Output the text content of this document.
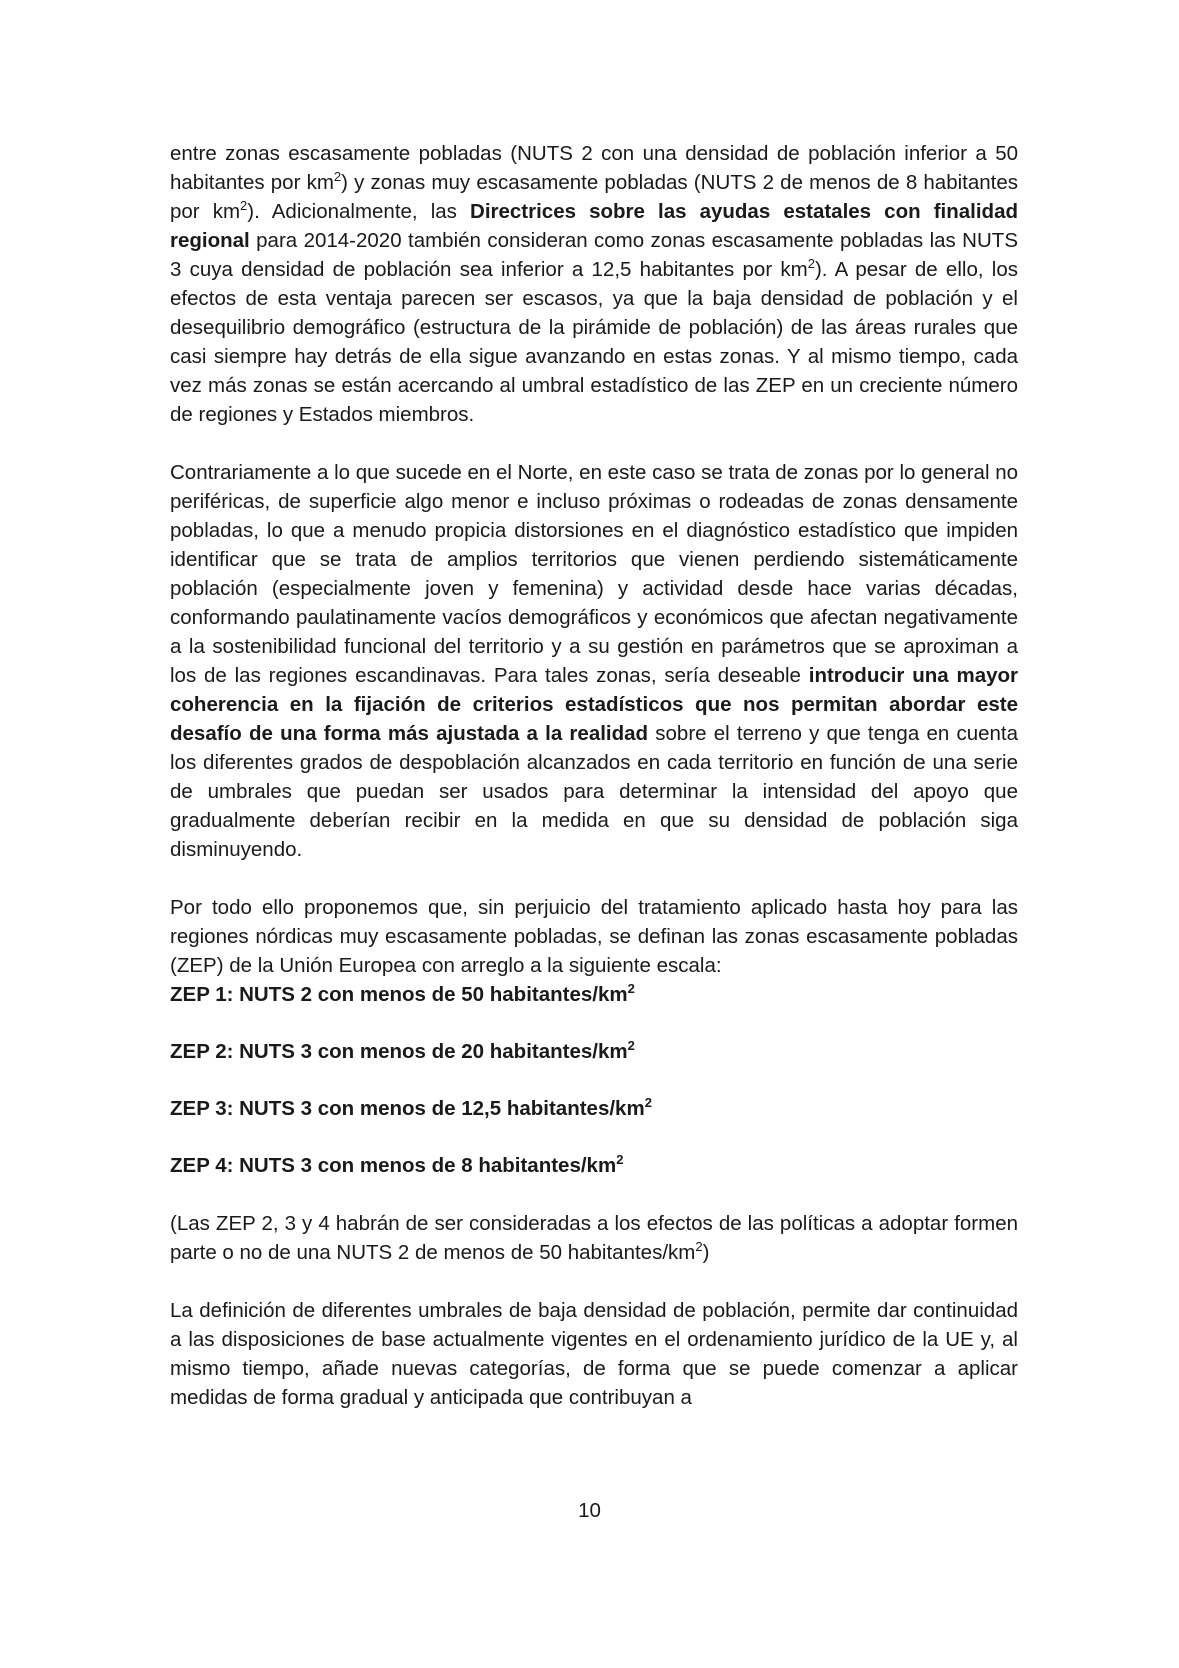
entre zonas escasamente pobladas (NUTS 2 con una densidad de población inferior a 50 habitantes por $km^2$) y zonas muy escasamente pobladas (NUTS 2 de menos de 8 habitantes por $km^2$). Adicionalmente, las Directrices sobre las ayudas estatales con finalidad regional para 2014-2020 también consideran como zonas escasamente pobladas las NUTS 3 cuya densidad de población sea inferior a 12,5 habitantes por $km^2$). A pesar de ello, los efectos de esta ventaja parecen ser escasos, ya que la baja densidad de población y el desequilibrio demográfico (estructura de la pirámide de población) de las áreas rurales que casi siempre hay detrás de ella sigue avanzando en estas zonas. Y al mismo tiempo, cada vez más zonas se están acercando al umbral estadístico de las ZEP en un creciente número de regiones y Estados miembros.

Contrariamente a lo que sucede en el Norte, en este caso se trata de zonas por lo general no periféricas, de superficie algo menor e incluso próximas o rodeadas de zonas densamente pobladas, lo que a menudo propicia distorsiones en el diagnóstico estadístico que impiden identificar que se trata de amplios territorios que vienen perdiendo sistemáticamente población (especialmente joven y femenina) y actividad desde hace varias décadas, conformando paulatinamente vacíos demográficos y económicos que afectan negativamente a la sostenibilidad funcional del territorio y a su gestión en parámetros que se aproximan a los de las regiones escandinavas. Para tales zonas, sería deseable introducir una mayor coherencia en la fijación de criterios estadísticos que nos permitan abordar este desafío de una forma más ajustada a la realidad sobre el terreno y que tenga en cuenta los diferentes grados de despoblación alcanzados en cada territorio en función de una serie de umbrales que puedan ser usados para determinar la intensidad del apoyo que gradualmente deberían recibir en la medida en que su densidad de población siga disminuyendo.

Por todo ello proponemos que, sin perjuicio del tratamiento aplicado hasta hoy para las regiones nórdicas muy escasamente pobladas, se definan las zonas escasamente pobladas (ZEP) de la Unión Europea con arreglo a la siguiente escala:

ZEP 1: NUTS 2 con menos de 50 habitantes/$km^2$

ZEP 2: NUTS 3 con menos de 20 habitantes/$km^2$

ZEP 3: NUTS 3 con menos de 12,5 habitantes/$km^2$

ZEP 4: NUTS 3 con menos de 8 habitantes/$km^2$

(Las ZEP 2, 3 y 4 habrán de ser consideradas a los efectos de las políticas a adoptar formen parte o no de una NUTS 2 de menos de 50 habitantes/$km^2$)

La definición de diferentes umbrales de baja densidad de población, permite dar continuidad a las disposiciones de base actualmente vigentes en el ordenamiento jurídico de la UE y, al mismo tiempo, añade nuevas categorías, de forma que se puede comenzar a aplicar medidas de forma gradual y anticipada que contribuyan a

10
